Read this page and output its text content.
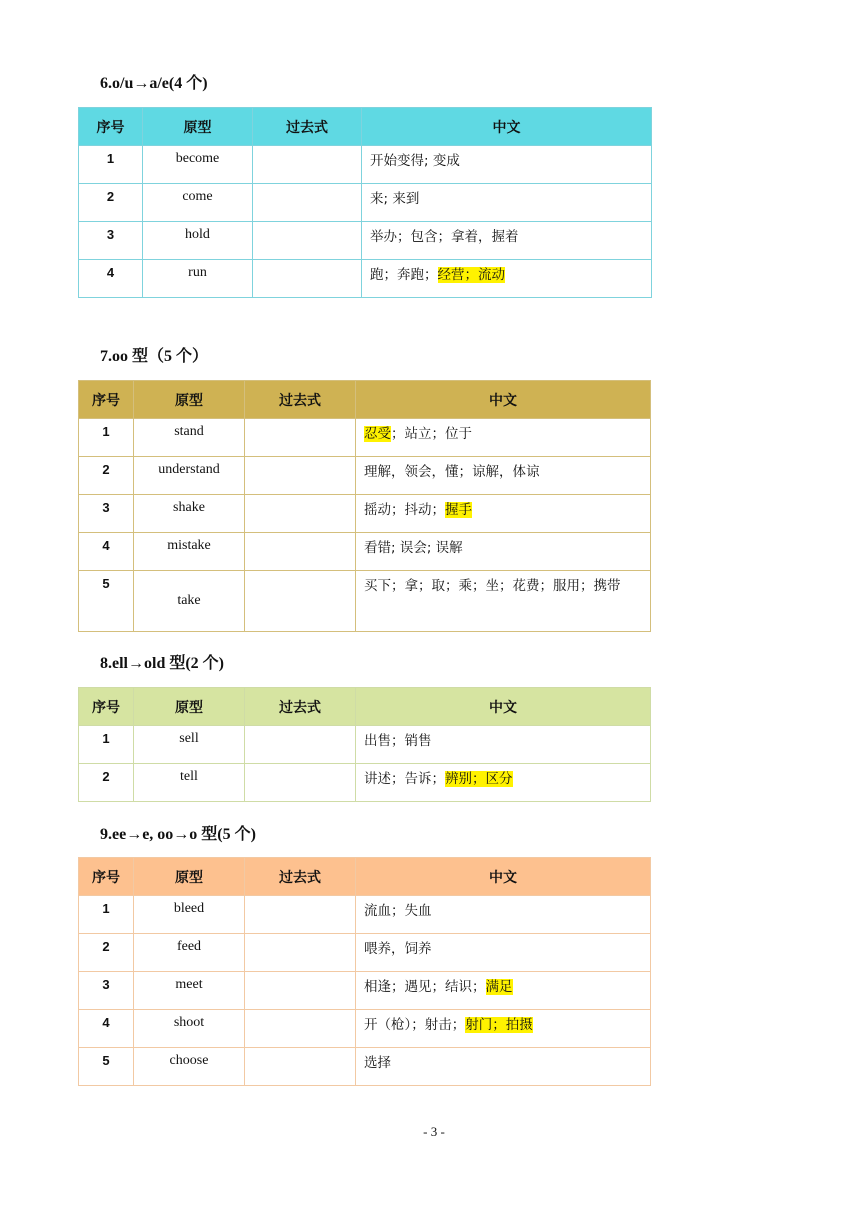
6.o/u→a/e(4 个)
序号	原型	过去式	中文
1	become		开始变得; 变成
2	come		来; 来到
3	hold		举办；包含；拿着，握着
4	run		跑；奔跑；经营；流动
7.oo 型（5 个）
序号	原型	过去式	中文
1	stand		忍受；站立；位于
2	understand		理解，领会，懂；谅解，体谅
3	shake		摇动；抖动；握手
4	mistake		看错; 误会; 误解
5	take		买下；拿；取；乘；坐；花费；服用；携带
8.ell→old 型(2 个)
序号	原型	过去式	中文
1	sell		出售；销售
2	tell		讲述；告诉；辨别；区分
9.ee→e, oo→o 型(5 个)
序号	原型	过去式	中文
1	bleed		流血；失血
2	feed		喂养，饲养
3	meet		相逢；遇见；结识；满足
4	shoot		开（枪）；射击；射门；拍摄
5	choose		选择
- 3 -
